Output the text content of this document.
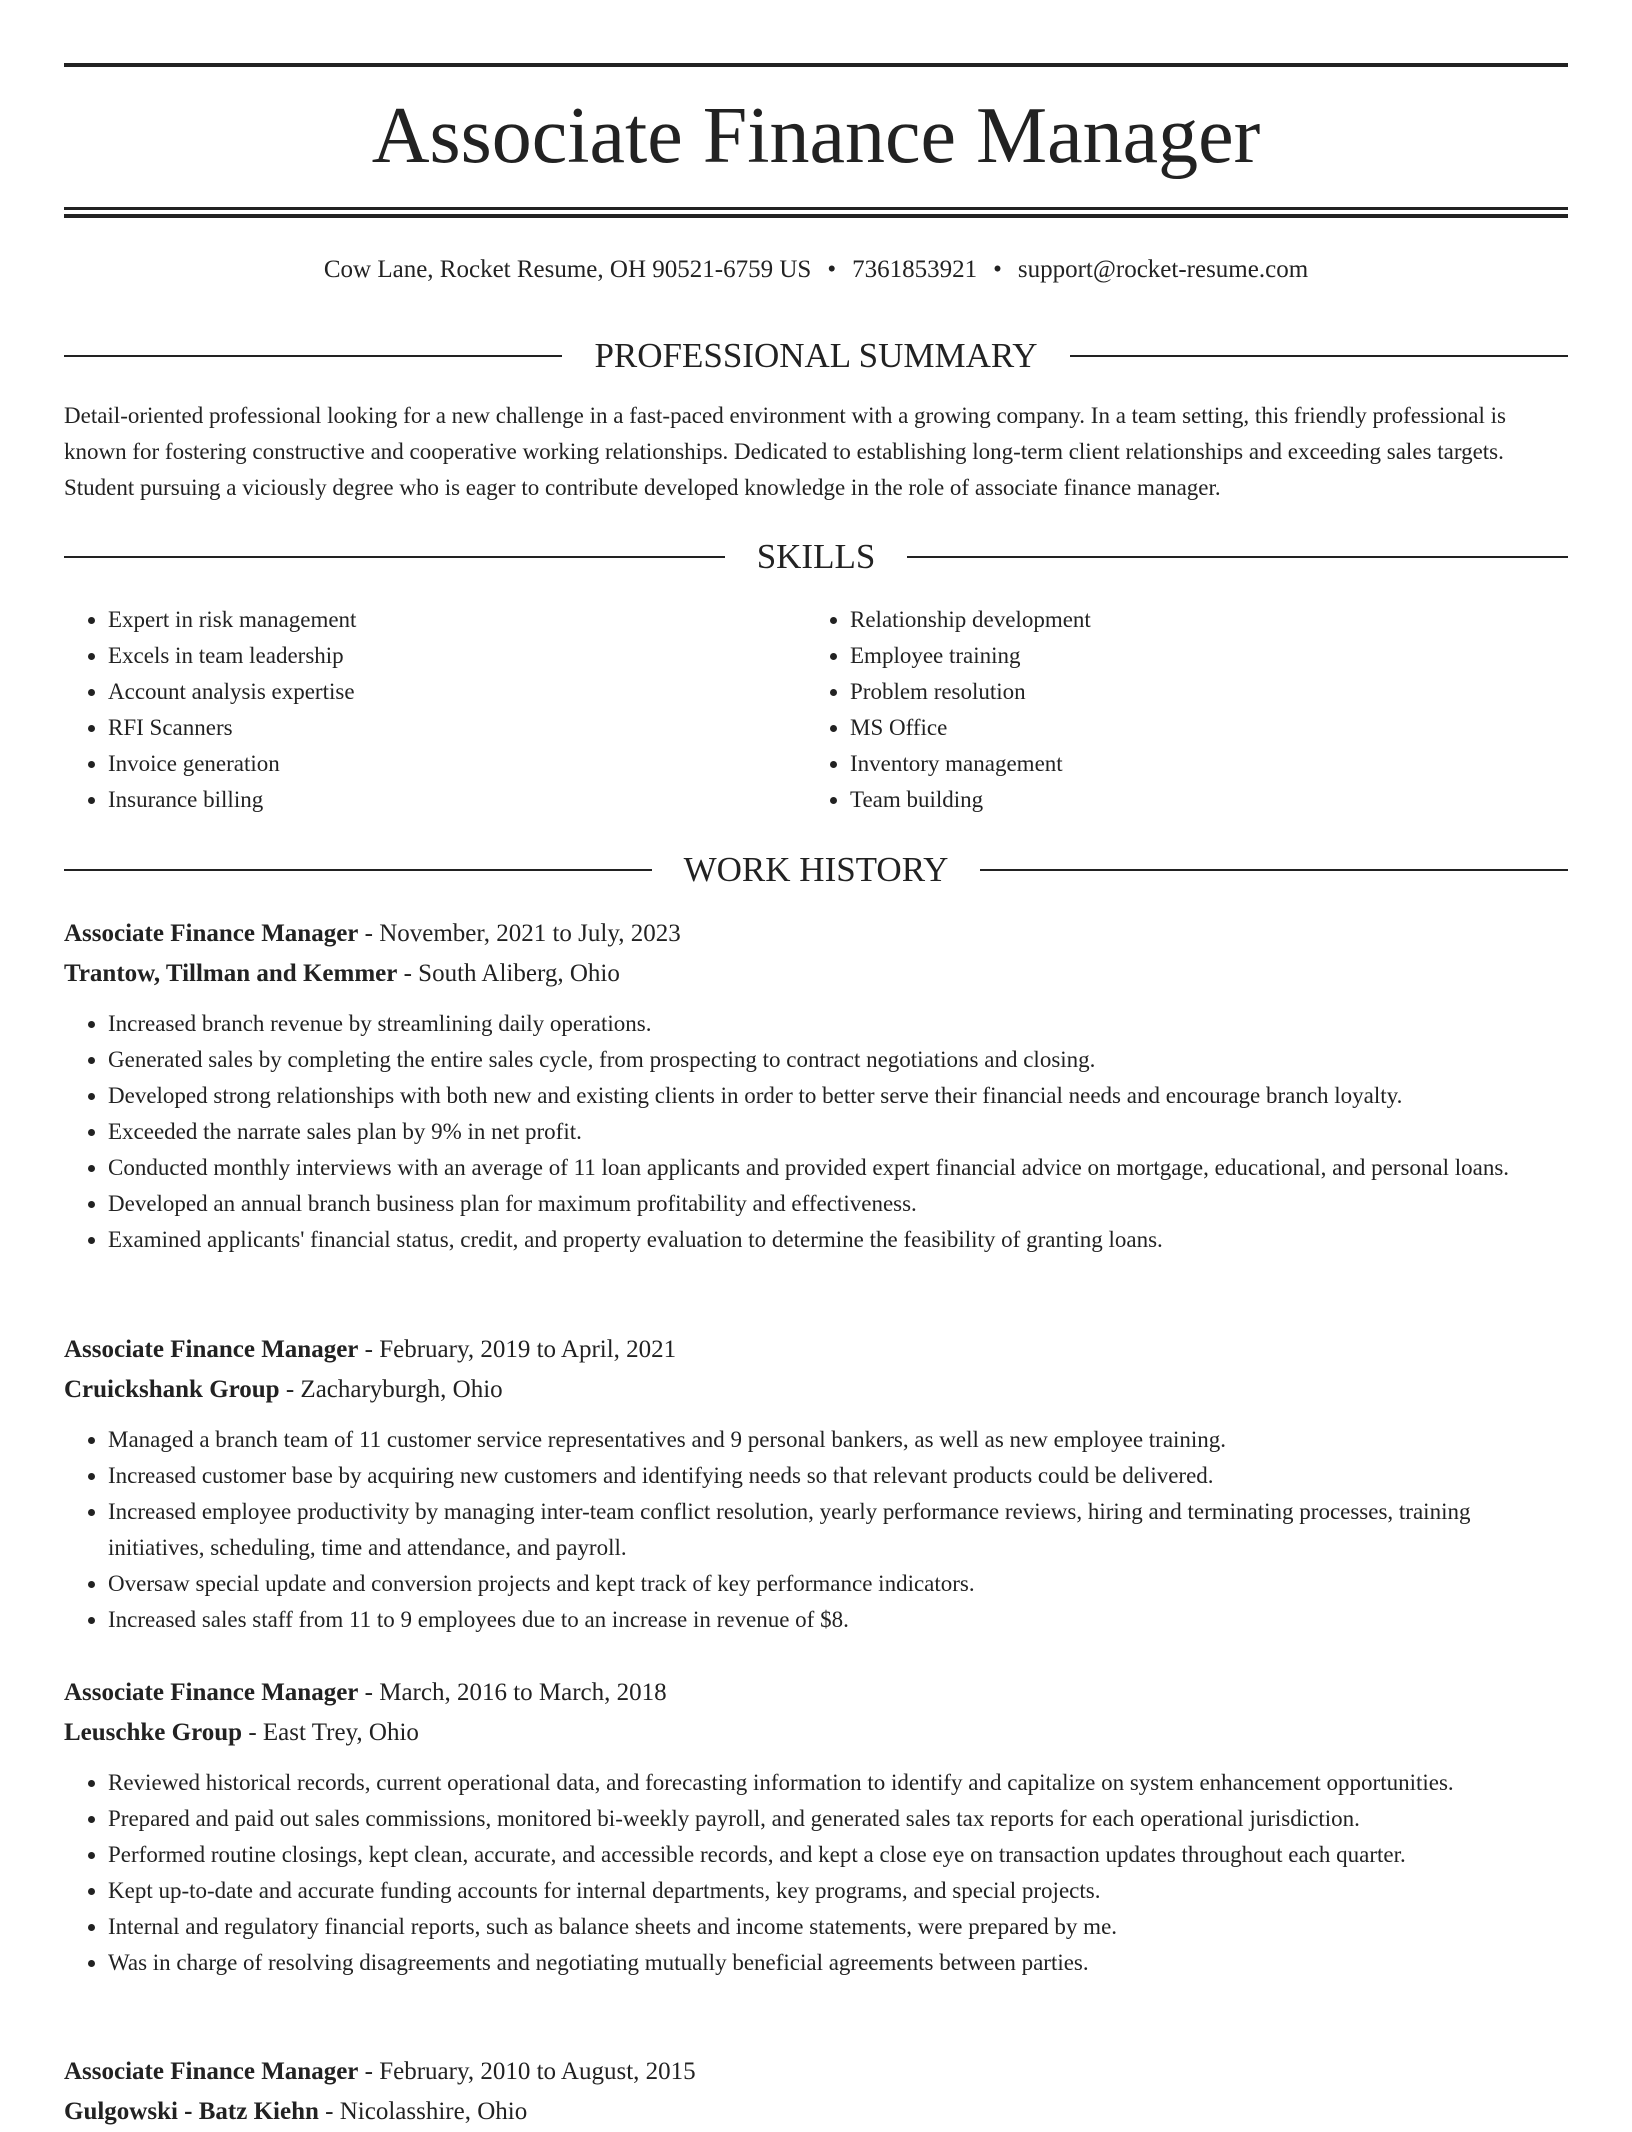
Associate Finance Manager
Cow Lane, Rocket Resume, OH 90521-6759 US • 7361853921 • support@rocket-resume.com
PROFESSIONAL SUMMARY

Detail-oriented professional looking for a new challenge in a fast-paced environment with a growing company. In a team setting, this friendly professional is known for fostering constructive and cooperative working relationships. Dedicated to establishing long-term client relationships and exceeding sales targets. Student pursuing a viciously degree who is eager to contribute developed knowledge in the role of associate finance manager.

SKILLS
• Expert in risk management
• Excels in team leadership
• Account analysis expertise
• RFI Scanners
• Invoice generation
• Insurance billing
• Relationship development
• Employee training
• Problem resolution
• MS Office
• Inventory management
• Team building
WORK HISTORY
Associate Finance Manager - November, 2021 to July, 2023
Trantow, Tillman and Kemmer - South Aliberg, Ohio
• Increased branch revenue by streamlining daily operations.
• Generated sales by completing the entire sales cycle, from prospecting to contract negotiations and closing.
• Developed strong relationships with both new and existing clients in order to better serve their financial needs and encourage branch loyalty.
• Exceeded the narrate sales plan by 9% in net profit.
• Conducted monthly interviews with an average of 11 loan applicants and provided expert financial advice on mortgage, educational, and personal loans.
• Developed an annual branch business plan for maximum profitability and effectiveness.
• Examined applicants' financial status, credit, and property evaluation to determine the feasibility of granting loans.
Associate Finance Manager - February, 2019 to April, 2021
Cruickshank Group - Zacharyburgh, Ohio
• Managed a branch team of 11 customer service representatives and 9 personal bankers, as well as new employee training.
• Increased customer base by acquiring new customers and identifying needs so that relevant products could be delivered.
• Increased employee productivity by managing inter-team conflict resolution, yearly performance reviews, hiring and terminating processes, training initiatives, scheduling, time and attendance, and payroll.
• Oversaw special update and conversion projects and kept track of key performance indicators.
• Increased sales staff from 11 to 9 employees due to an increase in revenue of $8.
Associate Finance Manager - March, 2016 to March, 2018
Leuschke Group - East Trey, Ohio
• Reviewed historical records, current operational data, and forecasting information to identify and capitalize on system enhancement opportunities.
• Prepared and paid out sales commissions, monitored bi-weekly payroll, and generated sales tax reports for each operational jurisdiction.
• Performed routine closings, kept clean, accurate, and accessible records, and kept a close eye on transaction updates throughout each quarter.
• Kept up-to-date and accurate funding accounts for internal departments, key programs, and special projects.
• Internal and regulatory financial reports, such as balance sheets and income statements, were prepared by me.
• Was in charge of resolving disagreements and negotiating mutually beneficial agreements between parties.
Associate Finance Manager - February, 2010 to August, 2015
Gulgowski - Batz Kiehn - Nicolasshire, Ohio
